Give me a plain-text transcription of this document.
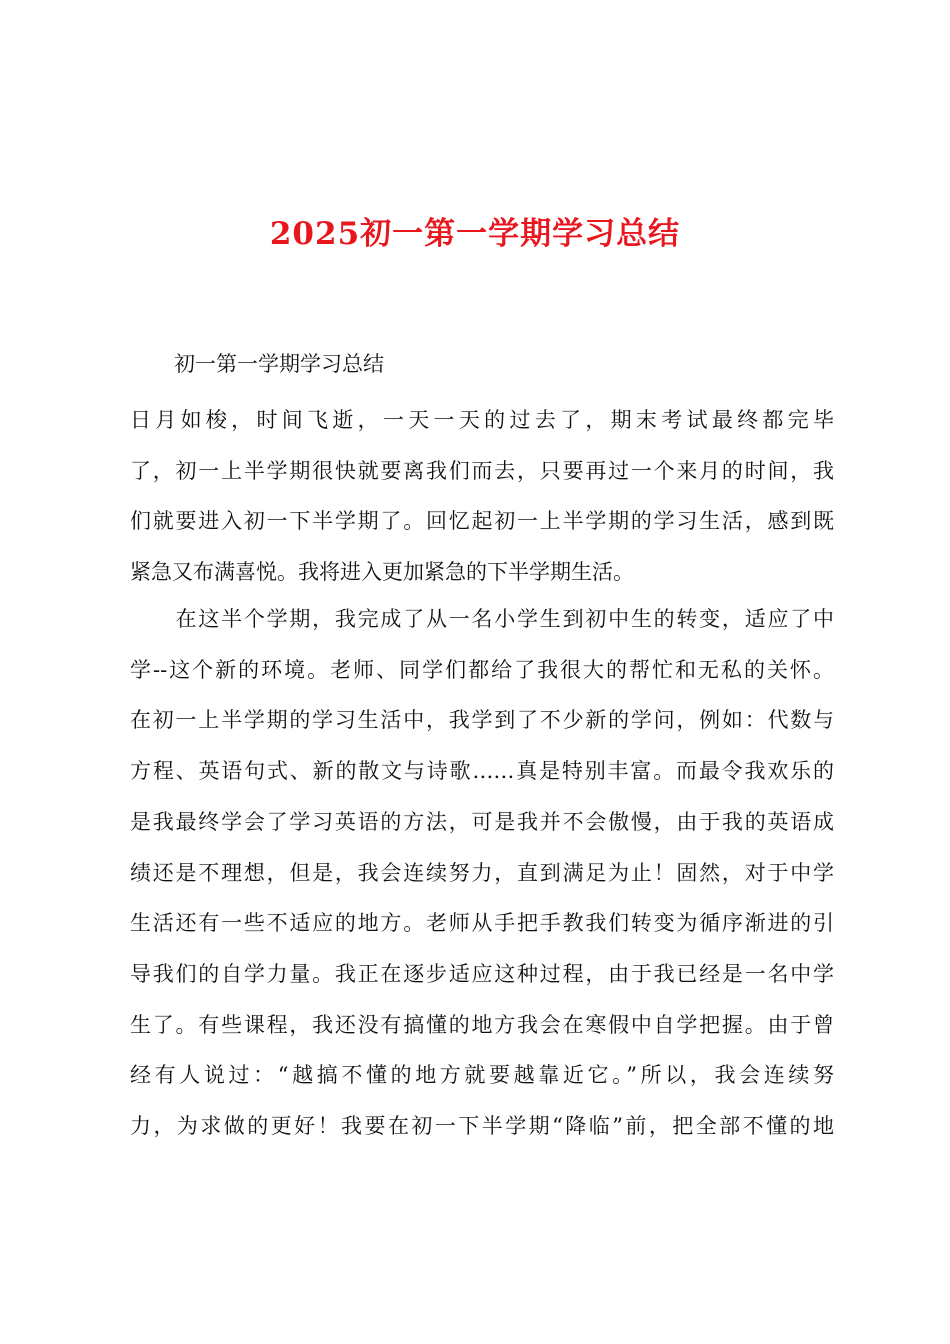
2025初一第一学期学习总结

初一第一学期学习总结

日月如梭，时间飞逝，一天一天的过去了，期末考试最终都完毕
了，初一上半学期很快就要离我们而去，只要再过一个来月的时间，我
们就要进入初一下半学期了。回忆起初一上半学期的学习生活，感到既
紧急又布满喜悦。我将进入更加紧急的下半学期生活。
　　在这半个学期，我完成了从一名小学生到初中生的转变，适应了中
学--这个新的环境。老师、同学们都给了我很大的帮忙和无私的关怀。
在初一上半学期的学习生活中，我学到了不少新的学问，例如：代数与
方程、英语句式、新的散文与诗歌……真是特别丰富。而最令我欢乐的
是我最终学会了学习英语的方法，可是我并不会傲慢，由于我的英语成
绩还是不理想，但是，我会连续努力，直到满足为止！固然，对于中学
生活还有一些不适应的地方。老师从手把手教我们转变为循序渐进的引
导我们的自学力量。我正在逐步适应这种过程，由于我已经是一名中学
生了。有些课程，我还没有搞懂的地方我会在寒假中自学把握。由于曾
经有人说过：“越搞不懂的地方就要越靠近它。”所以，我会连续努
力，为求做的更好！我要在初一下半学期“降临”前，把全部不懂的地
